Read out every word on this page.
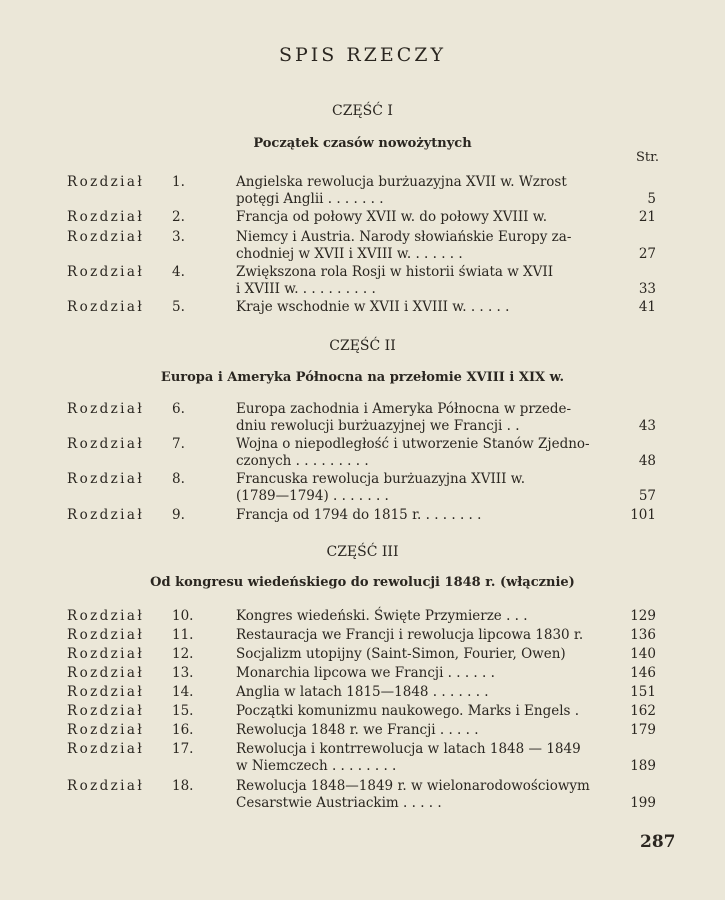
SPIS RZECZY
CZĘŚĆ I
Początek czasów nowożytnych
Str.
CZĘŚĆ II
Europa i Ameryka Północna na przełomie XVIII i XIX w.
CZĘŚĆ III
Od kongresu wiedeńskiego do rewolucji 1848 r. (włącznie)
Rozdział 1.	Angielska rewolucja burżuazyjna XVII w. Wzrost
potęgi Anglii . . . . . . .	5
Rozdział 2.	Francja od połowy XVII w. do połowy XVIII w.	21
Rozdział 3.	Niemcy i Austria. Narody słowiańskie Europy za-
chodniej w XVII i XVIII w. . . . . . .	27
Rozdział 4.	Zwiększona rola Rosji w historii świata w XVII
i XVIII w. . . . . . . . . .	33
Rozdział 5.	Kraje wschodnie w XVII i XVIII w. . . . . .	41
Rozdział 6.	Europa zachodnia i Ameryka Północna w przede-
dniu rewolucji burżuazyjnej we Francji . .	43
Rozdział 7.	Wojna o niepodległość i utworzenie Stanów Zjedno-
czonych . . . . . . . . .	48
Rozdział 8.	Francuska rewolucja burżuazyjna XVIII w.
(1789—1794) . . . . . . .	57
Rozdział 9.	Francja od 1794 do 1815 r. . . . . . . .	101
Rozdział 10.	Kongres wiedeński. Święte Przymierze . . .	129
Rozdział 11.	Restauracja we Francji i rewolucja lipcowa 1830 r.	136
Rozdział 12.	Socjalizm utopijny (Saint-Simon, Fourier, Owen)	140
Rozdział 13.	Monarchia lipcowa we Francji . . . . . .	146
Rozdział 14.	Anglia w latach 1815—1848 . . . . . . .	151
Rozdział 15.	Początki komunizmu naukowego. Marks i Engels .	162
Rozdział 16.	Rewolucja 1848 r. we Francji . . . . .	179
Rozdział 17.	Rewolucja i kontrrewolucja w latach 1848 — 1849
w Niemczech . . . . . . . .	189
Rozdział 18.	Rewolucja 1848—1849 r. w wielonarodowościowym
Cesarstwie Austriackim . . . . .	199
287
